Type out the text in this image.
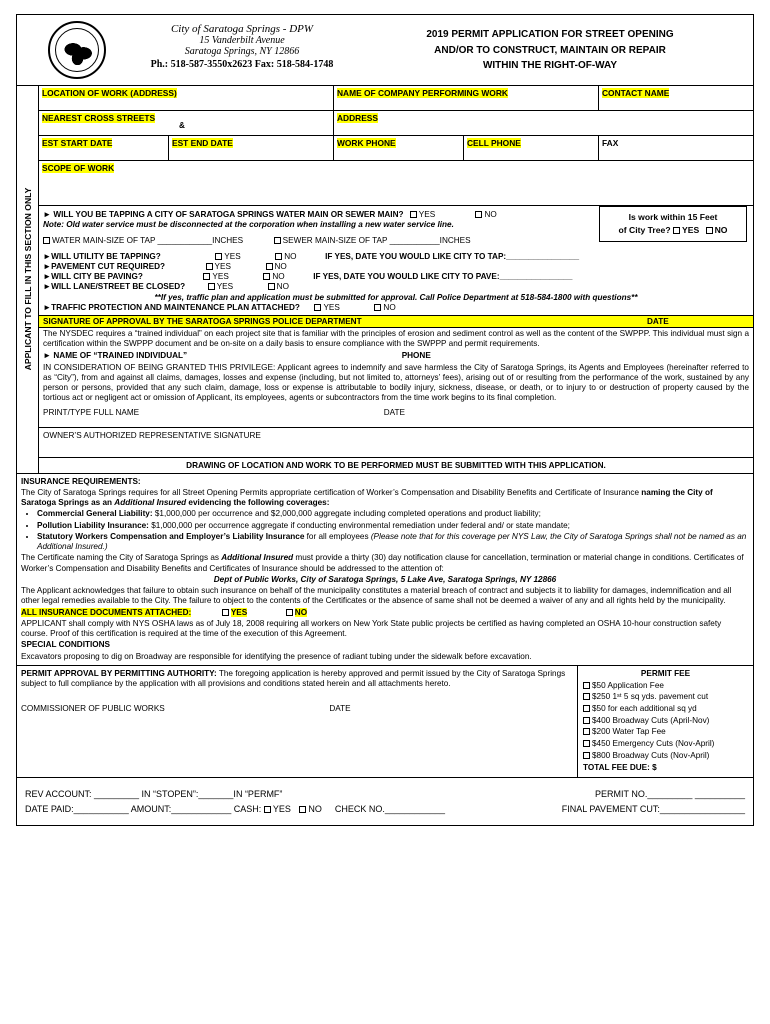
City of Saratoga Springs - DPW
15 Vanderbilt Avenue
Saratoga Springs, NY 12866
Ph.: 518-587-3550x2623 Fax: 518-584-1748
2019 PERMIT APPLICATION FOR STREET OPENING
AND/OR TO CONSTRUCT, MAINTAIN OR REPAIR
WITHIN THE RIGHT-OF-WAY
APPLICANT TO FILL IN THIS SECTION ONLY
LOCATION OF WORK (ADDRESS)	NAME OF COMPANY PERFORMING WORK	CONTACT NAME
NEAREST CROSS STREETS
&
ADDRESS
EST START DATE	EST END DATE	WORK PHONE	CELL PHONE	FAX
SCOPE OF WORK
Is work within 15 Feet
of City Tree? YES NO
► WILL YOU BE TAPPING A CITY OF SARATOGA SPRINGS WATER MAIN OR SEWER MAIN? YES	NO
Note: Old water service must be disconnected at the corporation when installing a new water service line.
WATER MAIN-SIZE OF TAP ____________INCHES	SEWER MAIN-SIZE OF TAP ___________INCHES
►WILL UTILITY BE TAPPING?	YES	NO	IF YES, DATE YOU WOULD LIKE CITY TO TAP:________________
►PAVEMENT CUT REQUIRED?	YES	NO
►WILL CITY BE PAVING?	YES	NO	IF YES, DATE YOU WOULD LIKE CITY TO PAVE:________________
►WILL LANE/STREET BE CLOSED?	YES	NO
**If yes, traffic plan and application must be submitted for approval. Call Police Department at 518-584-1800 with questions**
►TRAFFIC PROTECTION AND MAINTENANCE PLAN ATTACHED?	YES	NO
SIGNATURE OF APPROVAL BY THE SARATOGA SPRINGS POLICE DEPARTMENT	DATE
The NYSDEC requires a “trained individual” on each project site that is familiar with the principles of erosion and sediment control as well as the content of the SWPPP. This individual must sign a certification within the SWPPP document and be on-site on a daily basis to ensure compliance with the SWPPP and permit requirements.
► NAME OF “TRAINED INDIVIDUAL”	PHONE
IN CONSIDERATION OF BEING GRANTED THIS PRIVILEGE: Applicant agrees to indemnify and save harmless the City of Saratoga Springs, its Agents and Employees (hereinafter referred to as “City”), from and against all claims, damages, losses and expense (including, but not limited to, attorneys’ fees), arising out of or resulting from the performance of the work, sustained by any person or persons, provided that any such claim, damage, loss or expense is attributable to bodily injury, sickness, disease, or death, or to injury to or destruction of property caused by the tortious act or negligent act or omission of Applicant, its employees, agents or subcontractors from the time work begins to its final completion.
PRINT/TYPE FULL NAME	DATE
OWNER’S AUTHORIZED REPRESENTATIVE SIGNATURE
DRAWING OF LOCATION AND WORK TO BE PERFORMED MUST BE SUBMITTED WITH THIS APPLICATION.

INSURANCE REQUIREMENTS:

The City of Saratoga Springs requires for all Street Opening Permits appropriate certification of Worker’s Compensation and Disability Benefits and Certificate of Insurance naming the City of Saratoga Springs as an Additional Insured evidencing the following coverages:

• Commercial General Liability: $1,000,000 per occurrence and $2,000,000 aggregate including completed operations and product liability;
• Pollution Liability Insurance: $1,000,000 per occurrence aggregate if conducting environmental remediation under federal and/ or state mandate;
• Statutory Workers Compensation and Employer’s Liability Insurance for all employees (Please note that for this coverage per NYS Law, the City of Saratoga Springs shall not be named as an Additional Insured.)

The Certificate naming the City of Saratoga Springs as Additional Insured must provide a thirty (30) day notification clause for cancellation, termination or material change in conditions. Certificates of Worker’s Compensation and Disability Benefits and Certificates of Insurance should be addressed to the attention of:

Dept of Public Works, City of Saratoga Springs, 5 Lake Ave, Saratoga Springs, NY 12866

The Applicant acknowledges that failure to obtain such insurance on behalf of the municipality constitutes a material breach of contract and subjects it to liability for damages, indemnification and all other legal remedies available to the City. The failure to object to the contents of the Certificates or the absence of same shall not be deemed a waiver of any and all rights held by the municipality.

ALL INSURANCE DOCUMENTS ATTACHED:	YES	NO

APPLICANT shall comply with NYS OSHA laws as of July 18, 2008 requiring all workers on New York State public projects be certified as having completed an OSHA 10-hour construction safety course. Proof of this certification is required at the time of the execution of this Agreement.

SPECIAL CONDITIONS

Excavators proposing to dig on Broadway are responsible for identifying the presence of radiant tubing under the sidewalk before excavation.

PERMIT APPROVAL BY PERMITTING AUTHORITY: The foregoing application is hereby approved and permit issued by the City of Saratoga Springs subject to full compliance by the application with all provisions and conditions stated herein and all attachments hereto.
COMMISSIONER OF PUBLIC WORKS	DATE
PERMIT FEE
$50 Application Fee
$250 1ˢᵗ 5 sq yds. pavement cut
$50 for each additional sq yd
$400 Broadway Cuts (April-Nov)
$200 Water Tap Fee
$450 Emergency Cuts (Nov-April)
$800 Broadway Cuts (Nov-April)
TOTAL FEE DUE: $
REV ACCOUNT: _________ IN “STOPEN”:_______IN “PERMF”	PERMIT NO._________ __________
DATE PAID:___________ AMOUNT:____________ CASH: YES NO CHECK NO.____________	FINAL PAVEMENT CUT:_________________
